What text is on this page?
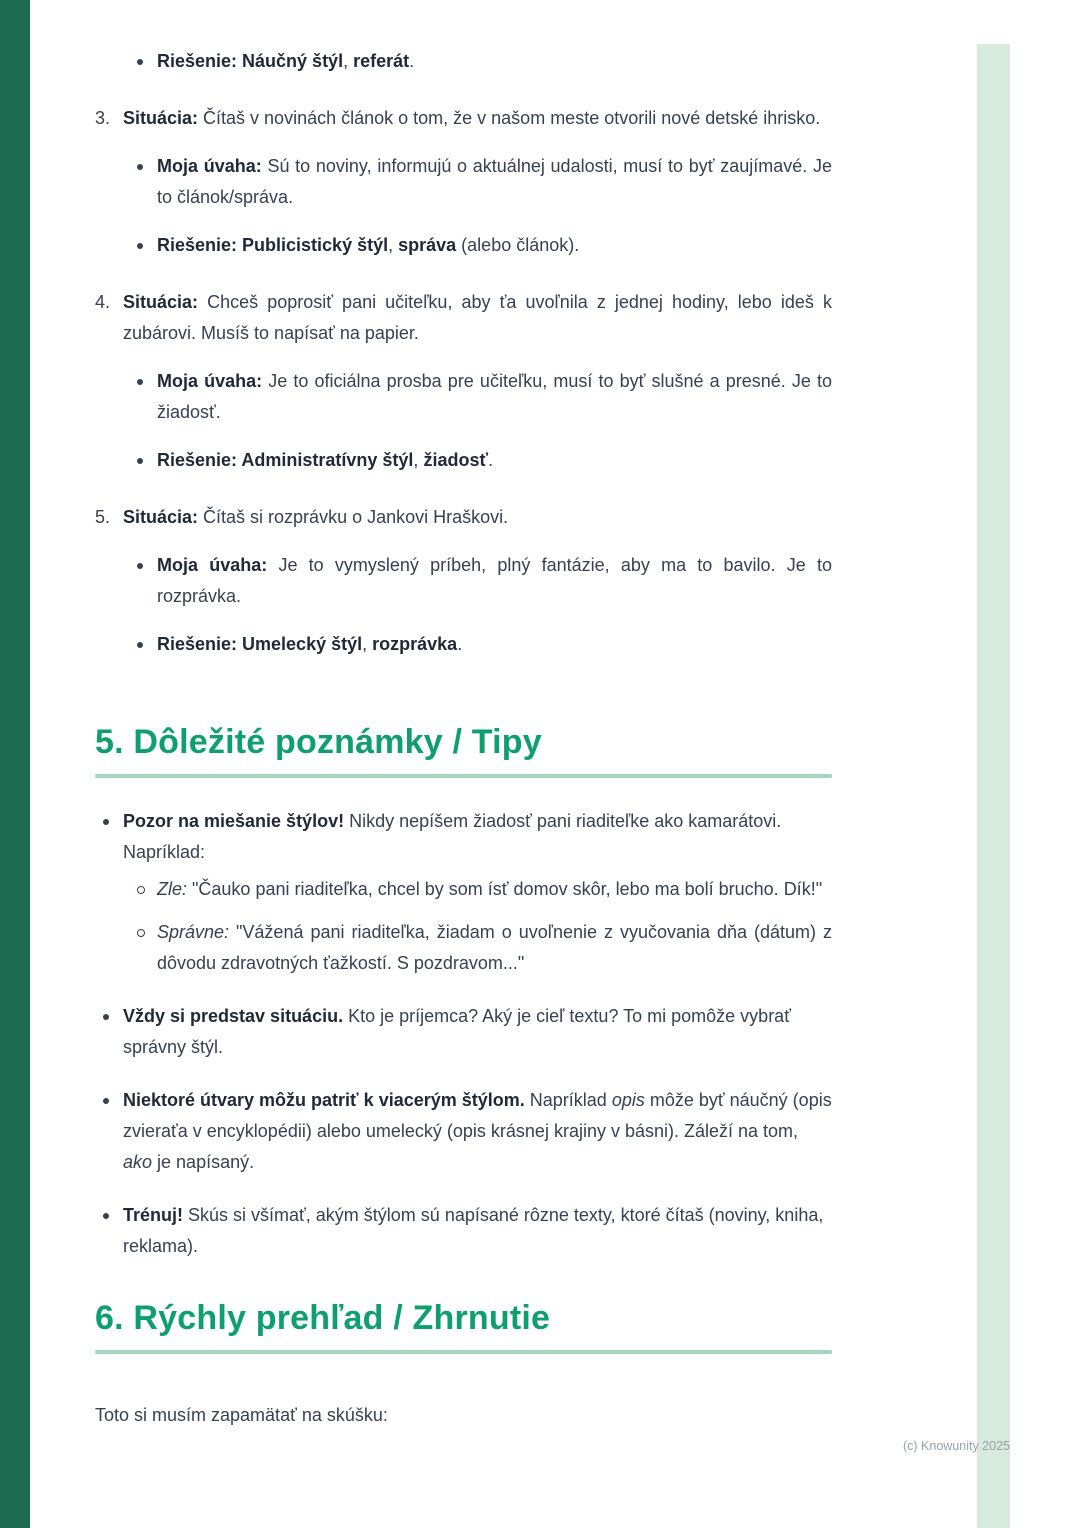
Riešenie: Náučný štýl, referát.

3. Situácia: Čítaš v novinách článok o tom, že v našom meste otvorili nové detské ihrisko.

Moja úvaha: Sú to noviny, informujú o aktuálnej udalosti, musí to byť zaujímavé. Je to článok/správa.

Riešenie: Publicistický štýl, správa (alebo článok).

4. Situácia: Chceš poprosiť pani učiteľku, aby ťa uvoľnila z jednej hodiny, lebo ideš k zubárovi. Musíš to napísať na papier.

Moja úvaha: Je to oficiálna prosba pre učiteľku, musí to byť slušné a presné. Je to žiadosť.

Riešenie: Administratívny štýl, žiadosť.

5. Situácia: Čítaš si rozprávku o Jankovi Hraškovi.

Moja úvaha: Je to vymyslený príbeh, plný fantázie, aby ma to bavilo. Je to rozprávka.

Riešenie: Umelecký štýl, rozprávka.

5. Dôležité poznámky / Tipy

Pozor na miešanie štýlov! Nikdy nepíšem žiadosť pani riaditeľke ako kamarátovi. Napríklad:

Zle: "Čauko pani riaditeľka, chcel by som ísť domov skôr, lebo ma bolí brucho. Dík!"

Správne: "Vážená pani riaditeľka, žiadam o uvoľnenie z vyučovania dňa (dátum) z dôvodu zdravotných ťažkostí. S pozdravom..."

Vždy si predstav situáciu. Kto je príjemca? Aký je cieľ textu? To mi pomôže vybrať správny štýl.

Niektoré útvary môžu patriť k viacerým štýlom. Napríklad opis môže byť náučný (opis zvieraťa v encyklopédii) alebo umelecký (opis krásnej krajiny v básni). Záleží na tom, ako je napísaný.

Trénuj! Skús si všímať, akým štýlom sú napísané rôzne texty, ktoré čítaš (noviny, kniha, reklama).

6. Rýchly prehľad / Zhrnutie

Toto si musím zapamätať na skúšku:

(c) Knowunity 2025
